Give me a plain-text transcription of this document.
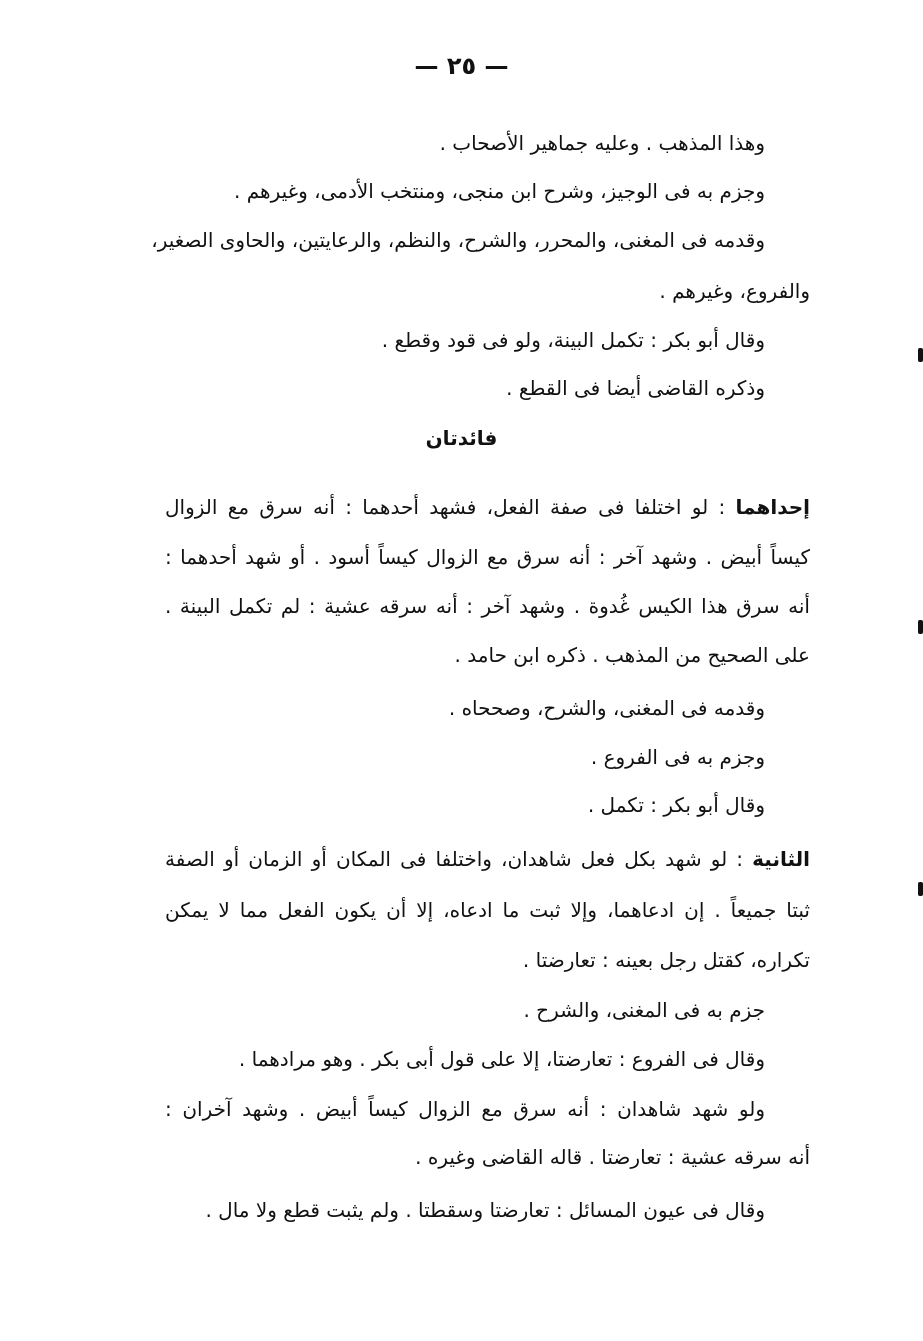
— ٢٥ —
وهذا المذهب . وعليه جماهير الأصحاب .
وجزم به فى الوجيز، وشرح ابن منجى، ومنتخب الأدمى، وغيرهم .
وقدمه فى المغنى، والمحرر، والشرح، والنظم، والرعايتين، والحاوى الصغير،
والفروع، وغيرهم .
وقال أبو بكر : تكمل البينة، ولو فى قود وقطع .
وذكره القاضى أيضا فى القطع .
فائدتان
إحداهما : لو اختلفا فى صفة الفعل، فشهد أحدهما : أنه سرق مع الزوال
كيساً أبيض . وشهد آخر : أنه سرق مع الزوال كيساً أسود . أو شهد أحدهما :
أنه سرق هذا الكيس غُدوة . وشهد آخر : أنه سرقه عشية : لم تكمل البينة .
على الصحيح من المذهب . ذكره ابن حامد .
وقدمه فى المغنى، والشرح، وصححاه .
وجزم به فى الفروع .
وقال أبو بكر : تكمل .
الثانية : لو شهد بكل فعل شاهدان، واختلفا فى المكان أو الزمان أو الصفة
ثبتا جميعاً . إن ادعاهما، وإلا ثبت ما ادعاه، إلا أن يكون الفعل مما لا يمكن
تكراره، كقتل رجل بعينه : تعارضتا .
جزم به فى المغنى، والشرح .
وقال فى الفروع : تعارضتا، إلا على قول أبى بكر . وهو مرادهما .
ولو شهد شاهدان : أنه سرق مع الزوال كيساً أبيض . وشهد آخران :
أنه سرقه عشية : تعارضتا . قاله القاضى وغيره .
وقال فى عيون المسائل : تعارضتا وسقطتا . ولم يثبت قطع ولا مال .
